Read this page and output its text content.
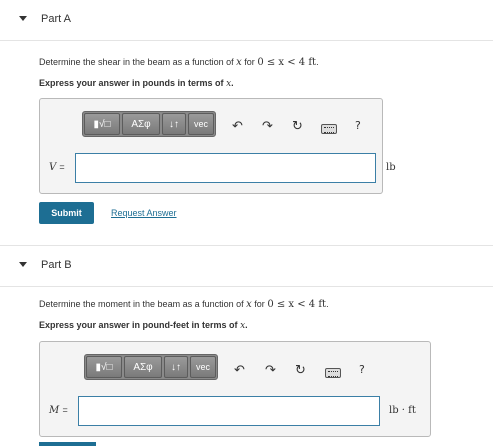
Part A
Determine the shear in the beam as a function of x for 0 ≤ x < 4 ft.
Express your answer in pounds in terms of x.
▮√□	ΑΣφ	↓↑	vec	↶ ↷ ↻	?
V =	lb
Submit	Request Answer
Part B
Determine the moment in the beam as a function of x for 0 ≤ x < 4 ft.
Express your answer in pound-feet in terms of x.
▮√□	ΑΣφ	↓↑	vec	↶ ↷ ↻	?
M =	lb · ft
